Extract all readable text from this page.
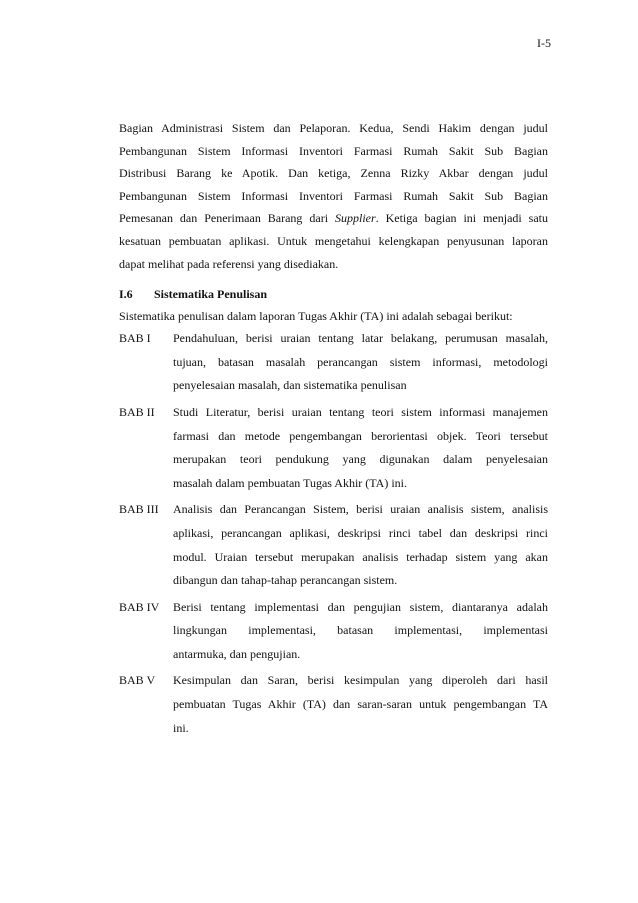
I-5

Bagian Administrasi Sistem dan Pelaporan. Kedua, Sendi Hakim dengan judul
Pembangunan Sistem Informasi Inventori Farmasi Rumah Sakit Sub Bagian
Distribusi Barang ke Apotik. Dan ketiga, Zenna Rizky Akbar dengan judul
Pembangunan Sistem Informasi Inventori Farmasi Rumah Sakit Sub Bagian
Pemesanan dan Penerimaan Barang dari Supplier. Ketiga bagian ini menjadi satu
kesatuan pembuatan aplikasi. Untuk mengetahui kelengkapan penyusunan laporan
dapat melihat pada referensi yang disediakan.

I.6	Sistematika Penulisan

Sistematika penulisan dalam laporan Tugas Akhir (TA) ini adalah sebagai berikut:

BAB I	Pendahuluan, berisi uraian tentang latar belakang, perumusan masalah,
tujuan, batasan masalah perancangan sistem informasi, metodologi
penyelesaian masalah, dan sistematika penulisan
BAB II	Studi Literatur, berisi uraian tentang teori sistem informasi manajemen
farmasi dan metode pengembangan berorientasi objek. Teori tersebut
merupakan teori pendukung yang digunakan dalam penyelesaian
masalah dalam pembuatan Tugas Akhir (TA) ini.
BAB III	Analisis dan Perancangan Sistem, berisi uraian analisis sistem, analisis
aplikasi, perancangan aplikasi, deskripsi rinci tabel dan deskripsi rinci
modul. Uraian tersebut merupakan analisis terhadap sistem yang akan
dibangun dan tahap-tahap perancangan sistem.
BAB IV	Berisi tentang implementasi dan pengujian sistem, diantaranya adalah
lingkungan implementasi, batasan implementasi, implementasi
antarmuka, dan pengujian.
BAB V	Kesimpulan dan Saran, berisi kesimpulan yang diperoleh dari hasil
pembuatan Tugas Akhir (TA) dan saran-saran untuk pengembangan TA
ini.
